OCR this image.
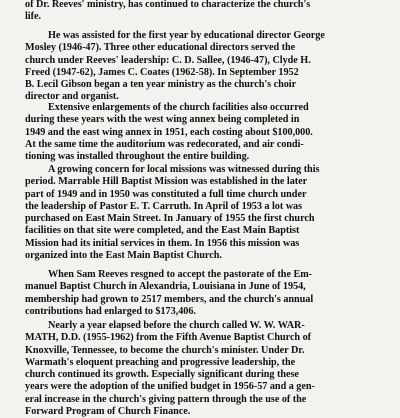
of Dr. Reeves' ministry, has continued to characterize the church's
life.
He was assisted for the first year by educational director George
Mosley (1946-47). Three other educational directors served the
church under Reeves' leadership: C. D. Sallee, (1946-47), Clyde H.
Freed (1947-62), James C. Coates (1962-58). In September 1952
B. Lecil Gibson began a ten year ministry as the church's choir
director and organist.
Extensive enlargements of the church facilities also occurred
during these years with the west wing annex being completed in
1949 and the east wing annex in 1951, each costing about $100,000.
At the same time the auditorium was redecorated, and air condi-
tioning was installed throughout the entire building.
A growing concern for local missions was witnessed during this
period. Marrable Hill Baptist Mission was established in the later
part of 1949 and in 1950 was constituted a full time church under
the leadership of Pastor E. T. Carruth. In April of 1953 a lot was
purchased on East Main Street. In January of 1955 the first church
facilities on that site were completed, and the East Main Baptist
Mission had its initial services in them. In 1956 this mission was
organized into the East Main Baptist Church.
When Sam Reeves resgned to accept the pastorate of the Em-
manuel Baptist Church in Alexandria, Louisiana in June of 1954,
membership had grown to 2517 members, and the church's annual
contributions had enlarged to $173,406.
Nearly a year elapsed before the church called W. W. WAR-
MATH, D.D. (1955-1962) from the Fifth Avenue Baptist Church of
Knoxville, Tennessee, to become the church's minister. Under Dr.
Warmath's eloquent preaching and progressive leadership, the
church continued its growth. Especially significant during these
years were the adoption of the unified budget in 1956-57 and a gen-
eral increase in the church's giving pattern through the use of the
Forward Program of Church Finance.
